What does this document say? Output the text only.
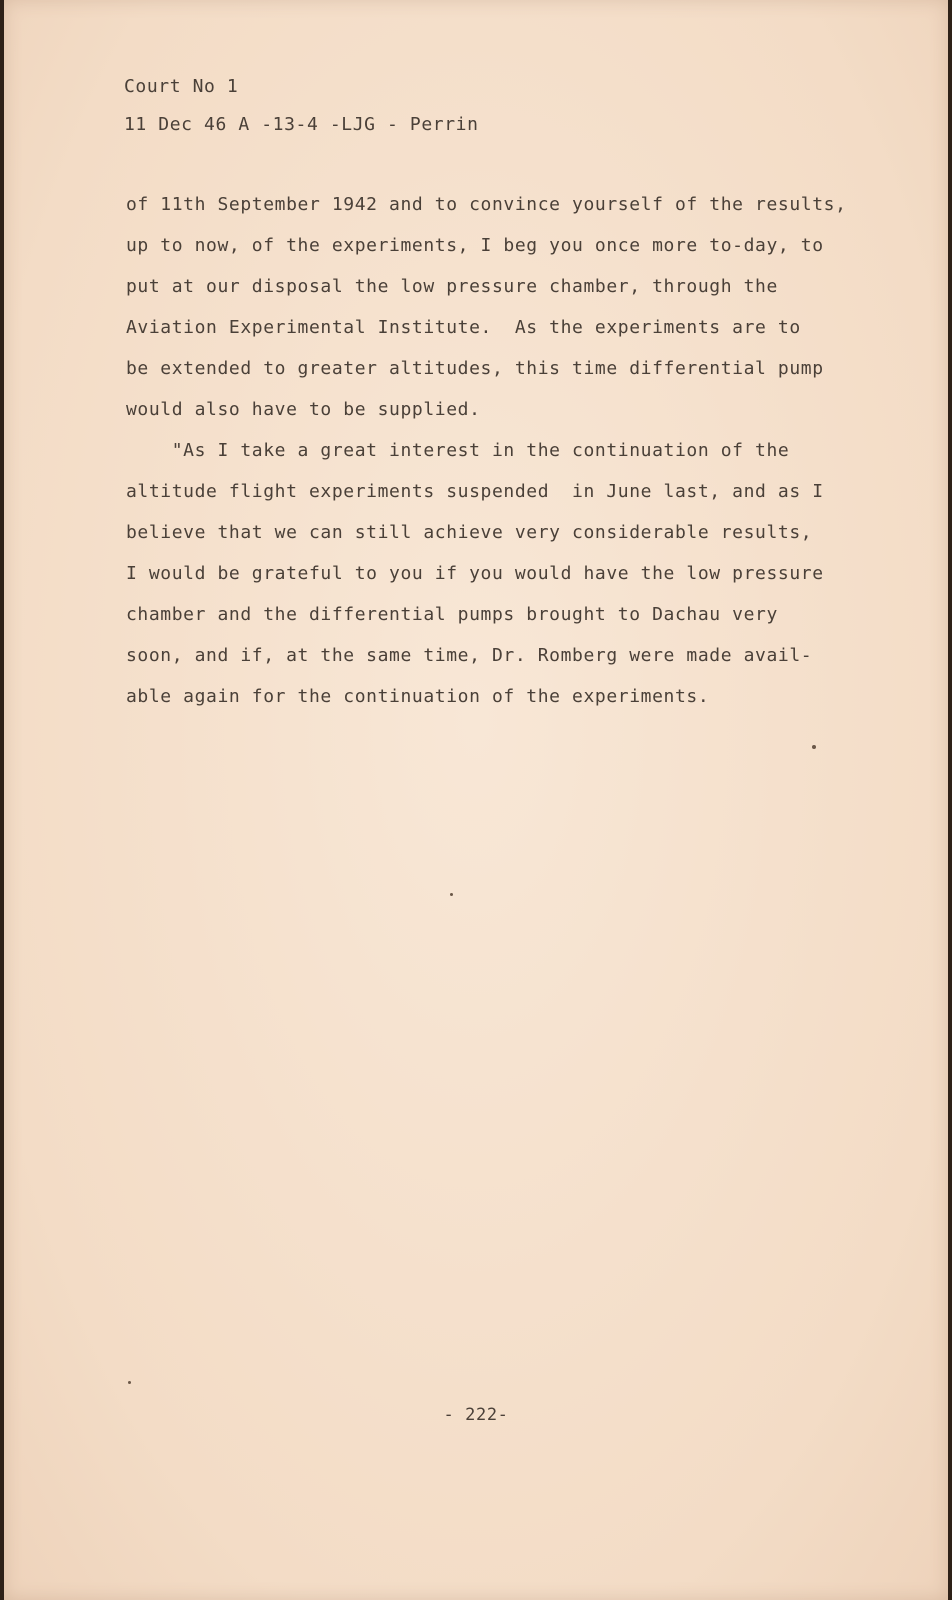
Court No 1
11 Dec 46 A -13-4 -LJG - Perrin
of 11th September 1942 and to convince yourself of the results,
up to now, of the experiments, I beg you once more to-day, to
put at our disposal the low pressure chamber, through the
Aviation Experimental Institute.  As the experiments are to
be extended to greater altitudes, this time differential pump
would also have to be supplied.
"As I take a great interest in the continuation of the
altitude flight experiments suspended  in June last, and as I
believe that we can still achieve very considerable results,
I would be grateful to you if you would have the low pressure
chamber and the differential pumps brought to Dachau very
soon, and if, at the same time, Dr. Romberg were made avail-
able again for the continuation of the experiments.
- 222-
